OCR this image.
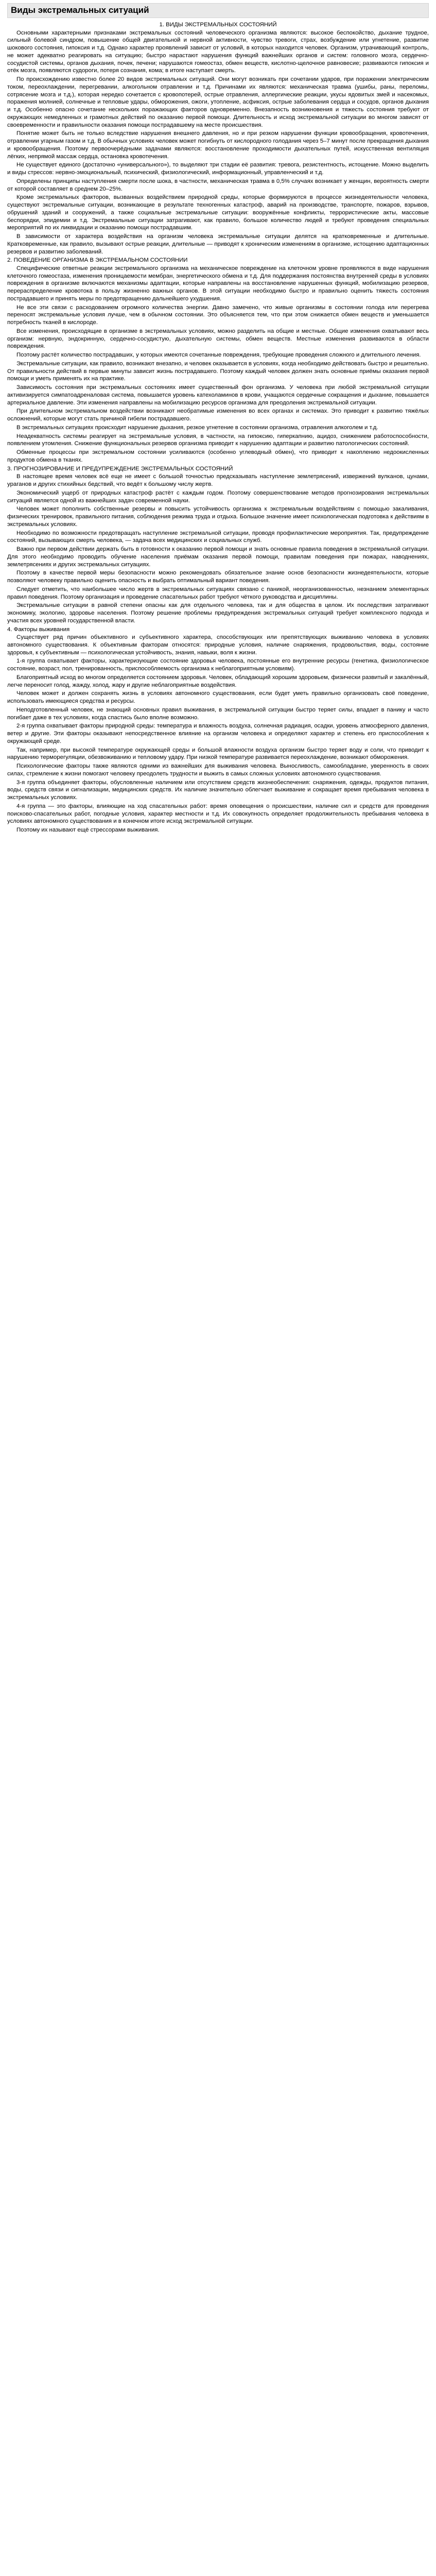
Виды экстремальных ситуаций
1. ВИДЫ ЭКСТРЕМАЛЬНЫХ СОСТОЯНИЙ

Основными характерными признаками экстремальных состояний человеческого организма являются: высокое беспокойство, дыхание трудное, сильный болевой синдром, повышение общей двигательной и нервной активности, чувство тревоги, страх, возбуждение или угнетение, развитие шокового состояния, гипоксия и т.д. Однако характер проявлений зависит от условий, в которых находится человек. Организм, утрачивающий контроль, не может адекватно реагировать на ситуацию; быстро нарастают нарушения функций важнейших органов и систем: головного мозга, сердечно-сосудистой системы, органов дыхания, почек, печени; нарушаются гомеостаз, обмен веществ, кислотно-щелочное равновесие; развиваются гипоксия и отёк мозга, появляются судороги, потеря сознания, кома; в итоге наступает смерть.

По происхождению известно более 20 видов экстремальных ситуаций. Они могут возникать при сочетании ударов, при поражении электрическим током, переохлаждении, перегревании, алкогольном отравлении и т.д. Причинами их являются: механическая травма (ушибы, раны, переломы, сотрясение мозга и т.д.), которая нередко сочетается с кровопотерей, острые отравления, аллергические реакции, укусы ядовитых змей и насекомых, поражения молнией, солнечные и тепловые удары, обморожения, ожоги, утопление, асфиксия, острые заболевания сердца и сосудов, органов дыхания и т.д. Особенно опасно сочетание нескольких поражающих факторов одновременно. Внезапность возникновения и тяжесть состояния требуют от окружающих немедленных и грамотных действий по оказанию первой помощи. Длительность и исход экстремальной ситуации во многом зависят от своевременности и правильности оказания помощи пострадавшему на месте происшествия.

Понятие может быть не только вследствие нарушения внешнего давления, но и при резком нарушении функции кровообращения, кровотечения, отравлении угарным газом и т.д. В обычных условиях человек может погибнуть от кислородного голодания через 5–7 минут после прекращения дыхания и кровообращения. Поэтому первоочерёдными задачами являются: восстановление проходимости дыхательных путей, искусственная вентиляция лёгких, непрямой массаж сердца, остановка кровотечения.

Не существует единого (достаточно «универсального»), то выделяют три стадии её развития: тревога, резистентность, истощение. Можно выделить и виды стрессов: нервно-эмоциональный, психический, физиологический, информационный, управленческий и т.д.

Определены принципы наступления смерти после шока, в частности, механическая травма в 0,5% случаях возникает у женщин, вероятность смерти от которой составляет в среднем 20–25%.

Кроме экстремальных факторов, вызванных воздействием природной среды, которые формируются в процессе жизнедеятельности человека, существуют экстремальные ситуации, возникающие в результате техногенных катастроф, аварий на производстве, транспорте, пожаров, взрывов, обрушений зданий и сооружений, а также социальные экстремальные ситуации: вооружённые конфликты, террористические акты, массовые беспорядки, эпидемии и т.д. Экстремальные ситуации затрагивают, как правило, большое количество людей и требуют проведения специальных мероприятий по их ликвидации и оказанию помощи пострадавшим.

В зависимости от характера воздействия на организм человека экстремальные ситуации делятся на кратковременные и длительные. Кратковременные, как правило, вызывают острые реакции, длительные — приводят к хроническим изменениям в организме, истощению адаптационных резервов и развитию заболеваний.

2. ПОВЕДЕНИЕ ОРГАНИЗМА В ЭКСТРЕМАЛЬНОМ СОСТОЯНИИ

Специфические ответные реакции экстремального организма на механическое повреждение на клеточном уровне проявляются в виде нарушения клеточного гомеостаза, изменения проницаемости мембран, энергетического обмена и т.д. Для поддержания постоянства внутренней среды в условиях повреждения в организме включаются механизмы адаптации, которые направлены на восстановление нарушенных функций, мобилизацию резервов, перераспределение кровотока в пользу жизненно важных органов. В этой ситуации необходимо быстро и правильно оценить тяжесть состояния пострадавшего и принять меры по предотвращению дальнейшего ухудшения.

Не все эти связи с расходованием огромного количества энергии. Давно замечено, что живые организмы в состоянии голода или перегрева переносят экстремальные условия лучше, чем в обычном состоянии. Это объясняется тем, что при этом снижается обмен веществ и уменьшается потребность тканей в кислороде.

Все изменения, происходящие в организме в экстремальных условиях, можно разделить на общие и местные. Общие изменения охватывают весь организм: нервную, эндокринную, сердечно-сосудистую, дыхательную системы, обмен веществ. Местные изменения развиваются в области повреждения.

Поэтому растёт количество пострадавших, у которых имеются сочетанные повреждения, требующие проведения сложного и длительного лечения.

Экстремальные ситуации, как правило, возникают внезапно, и человек оказывается в условиях, когда необходимо действовать быстро и решительно. От правильности действий в первые минуты зависит жизнь пострадавшего. Поэтому каждый человек должен знать основные приёмы оказания первой помощи и уметь применять их на практике.

Зависимость состояния при экстремальных состояниях имеет существенный фон организма. У человека при любой экстремальной ситуации активизируется симпатоадреналовая система, повышается уровень катехоламинов в крови, учащаются сердечные сокращения и дыхание, повышается артериальное давление. Эти изменения направлены на мобилизацию ресурсов организма для преодоления экстремальной ситуации.

При длительном экстремальном воздействии возникают необратимые изменения во всех органах и системах. Это приводит к развитию тяжёлых осложнений, которые могут стать причиной гибели пострадавшего.

В экстремальных ситуациях происходит нарушение дыхания, резкое угнетение в состоянии организма, отравления алкоголем и т.д.

Неадекватность системы реагирует на экстремальные условия, в частности, на гипоксию, гиперкапнию, ацидоз, снижением работоспособности, появлением утомления. Снижение функциональных резервов организма приводит к нарушению адаптации и развитию патологических состояний.

Обменные процессы при экстремальном состоянии усиливаются (особенно углеводный обмен), что приводит к накоплению недоокисленных продуктов обмена в тканях.

3. ПРОГНОЗИРОВАНИЕ И ПРЕДУПРЕЖДЕНИЕ ЭКСТРЕМАЛЬНЫХ СОСТОЯНИЙ

В настоящее время человек всё еще не имеет с большой точностью предсказывать наступление землетрясений, извержений вулканов, цунами, ураганов и других стихийных бедствий, что ведёт к большому числу жертв.

Экономический ущерб от природных катастроф растёт с каждым годом. Поэтому совершенствование методов прогнозирования экстремальных ситуаций является одной из важнейших задач современной науки.

Человек может пополнить собственные резервы и повысить устойчивость организма к экстремальным воздействиям с помощью закаливания, физических тренировок, правильного питания, соблюдения режима труда и отдыха. Большое значение имеет психологическая подготовка к действиям в экстремальных условиях.

Необходимо по возможности предотвращать наступление экстремальной ситуации, проводя профилактические мероприятия. Так, предупреждение состояний, вызывающих смерть человека, — задача всех медицинских и социальных служб.

Важно при первом действии держать быть в готовности к оказанию первой помощи и знать основные правила поведения в экстремальной ситуации. Для этого необходимо проводить обучение населения приёмам оказания первой помощи, правилам поведения при пожарах, наводнениях, землетрясениях и других экстремальных ситуациях.

Поэтому в качестве первой меры безопасности можно рекомендовать обязательное знание основ безопасности жизнедеятельности, которые позволяют человеку правильно оценить опасность и выбрать оптимальный вариант поведения.

Следует отметить, что наибольшее число жертв в экстремальных ситуациях связано с паникой, неорганизованностью, незнанием элементарных правил поведения. Поэтому организация и проведение спасательных работ требуют чёткого руководства и дисциплины.

Экстремальные ситуации в равной степени опасны как для отдельного человека, так и для общества в целом. Их последствия затрагивают экономику, экологию, здоровье населения. Поэтому решение проблемы предупреждения экстремальных ситуаций требует комплексного подхода и участия всех уровней государственной власти.

4. Факторы выживания

Существует ряд причин объективного и субъективного характера, способствующих или препятствующих выживанию человека в условиях автономного существования. К объективным факторам относятся: природные условия, наличие снаряжения, продовольствия, воды, состояние здоровья, к субъективным — психологическая устойчивость, знания, навыки, воля к жизни.

1-я группа охватывает факторы, характеризующие состояние здоровья человека, постоянные его внутренние ресурсы (генетика, физиологическое состояние, возраст, пол, тренированность, приспособляемость организма к неблагоприятным условиям).

Благоприятный исход во многом определяется состоянием здоровья. Человек, обладающий хорошим здоровьем, физически развитый и закалённый, легче переносит голод, жажду, холод, жару и другие неблагоприятные воздействия.

Человек может и должен сохранять жизнь в условиях автономного существования, если будет уметь правильно организовать своё поведение, использовать имеющиеся средства и ресурсы.

Неподготовленный человек, не знающий основных правил выживания, в экстремальной ситуации быстро теряет силы, впадает в панику и часто погибает даже в тех условиях, когда спастись было вполне возможно.

2-я группа охватывает факторы природной среды: температура и влажность воздуха, солнечная радиация, осадки, уровень атмосферного давления, ветер и другие. Эти факторы оказывают непосредственное влияние на организм человека и определяют характер и степень его приспособления к окружающей среде.

Так, например, при высокой температуре окружающей среды и большой влажности воздуха организм быстро теряет воду и соли, что приводит к нарушению терморегуляции, обезвоживанию и тепловому удару. При низкой температуре развивается переохлаждение, возникают обморожения.

Психологические факторы также являются одними из важнейших для выживания человека. Выносливость, самообладание, уверенность в своих силах, стремление к жизни помогают человеку преодолеть трудности и выжить в самых сложных условиях автономного существования.

3-я группа объединяет факторы, обусловленные наличием или отсутствием средств жизнеобеспечения: снаряжения, одежды, продуктов питания, воды, средств связи и сигнализации, медицинских средств. Их наличие значительно облегчает выживание и сокращает время пребывания человека в экстремальных условиях.

4-я группа — это факторы, влияющие на ход спасательных работ: время оповещения о происшествии, наличие сил и средств для проведения поисково-спасательных работ, погодные условия, характер местности и т.д. Их совокупность определяет продолжительность пребывания человека в условиях автономного существования и в конечном итоге исход экстремальной ситуации.

Поэтому их называют ещё стрессорами выживания.
